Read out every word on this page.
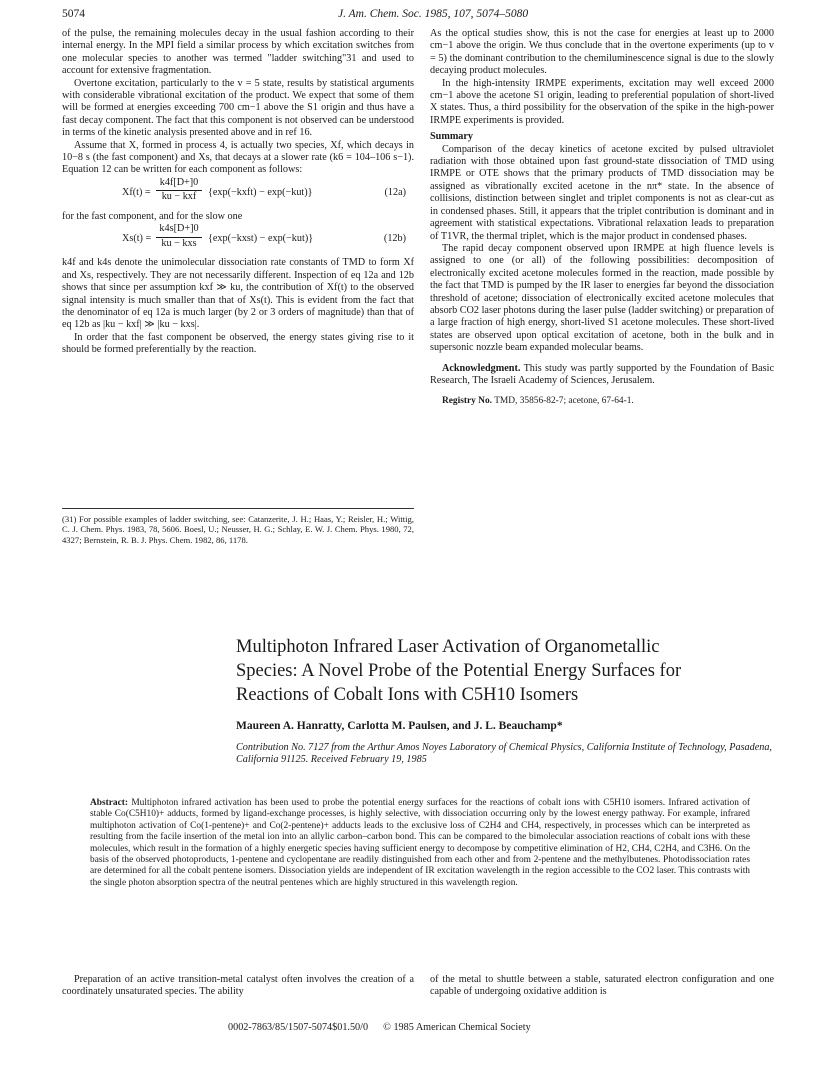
5074	J. Am. Chem. Soc. 1985, 107, 5074–5080

of the pulse, the remaining molecules decay in the usual fashion according to their internal energy. In the MPI field a similar process by which excitation switches from one molecular species to another was termed "ladder switching"31 and used to account for extensive fragmentation.

Overtone excitation, particularly to the v = 5 state, results by statistical arguments with considerable vibrational excitation of the product. We expect that some of them will be formed at energies exceeding 700 cm−1 above the S1 origin and thus have a fast decay component. The fact that this component is not observed can be understood in terms of the kinetic analysis presented above and in ref 16.

Assume that X, formed in process 4, is actually two species, Xf, which decays in 10−8 s (the fast component) and Xs, that decays at a slower rate (k6 = 104–106 s−1). Equation 12 can be written for each component as follows:

Xf(t) =
k4f[D+]0
ku − kxf	{exp(−kxft) − exp(−kut)}	(12a)

for the fast component, and for the slow one

Xs(t) =
k4s[D+]0
ku − kxs	{exp(−kxst) − exp(−kut)}	(12b)

k4f and k4s denote the unimolecular dissociation rate constants of TMD to form Xf and Xs, respectively. They are not necessarily different. Inspection of eq 12a and 12b shows that since per assumption kxf ≫ ku, the contribution of Xf(t) to the observed signal intensity is much smaller than that of Xs(t). This is evident from the fact that the denominator of eq 12a is much larger (by 2 or 3 orders of magnitude) than that of eq 12b as |ku − kxf| ≫ |ku − kxs|.

In order that the fast component be observed, the energy states giving rise to it should be formed preferentially by the reaction.

(31) For possible examples of ladder switching, see: Catanzerite, J. H.; Haas, Y.; Reisler, H.; Wittig, C. J. Chem. Phys. 1983, 78, 5606. Boesl, U.; Neusser, H. G.; Schlay, E. W. J. Chem. Phys. 1980, 72, 4327; Bernstein, R. B. J. Phys. Chem. 1982, 86, 1178.

As the optical studies show, this is not the case for energies at least up to 2000 cm−1 above the origin. We thus conclude that in the overtone experiments (up to v = 5) the dominant contribution to the chemiluminescence signal is due to the slowly decaying product molecules.

In the high-intensity IRMPE experiments, excitation may well exceed 2000 cm−1 above the acetone S1 origin, leading to preferential population of short-lived X states. Thus, a third possibility for the observation of the spike in the high-power IRMPE experiments is provided.

Summary

Comparison of the decay kinetics of acetone excited by pulsed ultraviolet radiation with those obtained upon fast ground-state dissociation of TMD using IRMPE or OTE shows that the primary products of TMD dissociation may be assigned as vibrationally excited acetone in the nπ* state. In the absence of collisions, distinction between singlet and triplet components is not as clear-cut as in condensed phases. Still, it appears that the triplet contribution is dominant and in agreement with statistical expectations. Vibrational relaxation leads to preparation of T1VR, the thermal triplet, which is the major product in condensed phases.

The rapid decay component observed upon IRMPE at high fluence levels is assigned to one (or all) of the following possibilities: decomposition of electronically excited acetone molecules formed in the reaction, made possible by the fact that TMD is pumped by the IR laser to energies far beyond the dissociation threshold of acetone; dissociation of electronically excited acetone molecules that absorb CO2 laser photons during the laser pulse (ladder switching) or preparation of a large fraction of high energy, short-lived S1 acetone molecules. These short-lived states are observed upon optical excitation of acetone, both in the bulk and in supersonic nozzle beam expanded molecular beams.

Acknowledgment. This study was partly supported by the Foundation of Basic Research, The Israeli Academy of Sciences, Jerusalem.

Registry No. TMD, 35856-82-7; acetone, 67-64-1.

Multiphoton Infrared Laser Activation of Organometallic
Species: A Novel Probe of the Potential Energy Surfaces for
Reactions of Cobalt Ions with C5H10 Isomers
Maureen A. Hanratty, Carlotta M. Paulsen, and J. L. Beauchamp*
Contribution No. 7127 from the Arthur Amos Noyes Laboratory of Chemical Physics, California Institute of Technology, Pasadena, California 91125. Received February 19, 1985
Abstract: Multiphoton infrared activation has been used to probe the potential energy surfaces for the reactions of cobalt ions with C5H10 isomers. Infrared activation of stable Co(C5H10)+ adducts, formed by ligand-exchange processes, is highly selective, with dissociation occurring only by the lowest energy pathway. For example, infrared multiphoton activation of Co(1-pentene)+ and Co(2-pentene)+ adducts leads to the exclusive loss of C2H4 and CH4, respectively, in processes which can be interpreted as resulting from the facile insertion of the metal ion into an allylic carbon–carbon bond. This can be compared to the bimolecular association reactions of cobalt ions with these molecules, which result in the formation of a highly energetic species having sufficient energy to decompose by competitive elimination of H2, CH4, C2H4, and C3H6. On the basis of the observed photoproducts, 1-pentene and cyclopentane are readily distinguished from each other and from 2-pentene and the methylbutenes. Photodissociation rates are determined for all the cobalt pentene isomers. Dissociation yields are independent of IR excitation wavelength in the region accessible to the CO2 laser. This contrasts with the single photon absorption spectra of the neutral pentenes which are highly structured in this wavelength region.

Preparation of an active transition-metal catalyst often involves the creation of a coordinately unsaturated species. The ability

of the metal to shuttle between a stable, saturated electron configuration and one capable of undergoing oxidative addition is

0002-7863/85/1507-5074$01.50/0 © 1985 American Chemical Society
